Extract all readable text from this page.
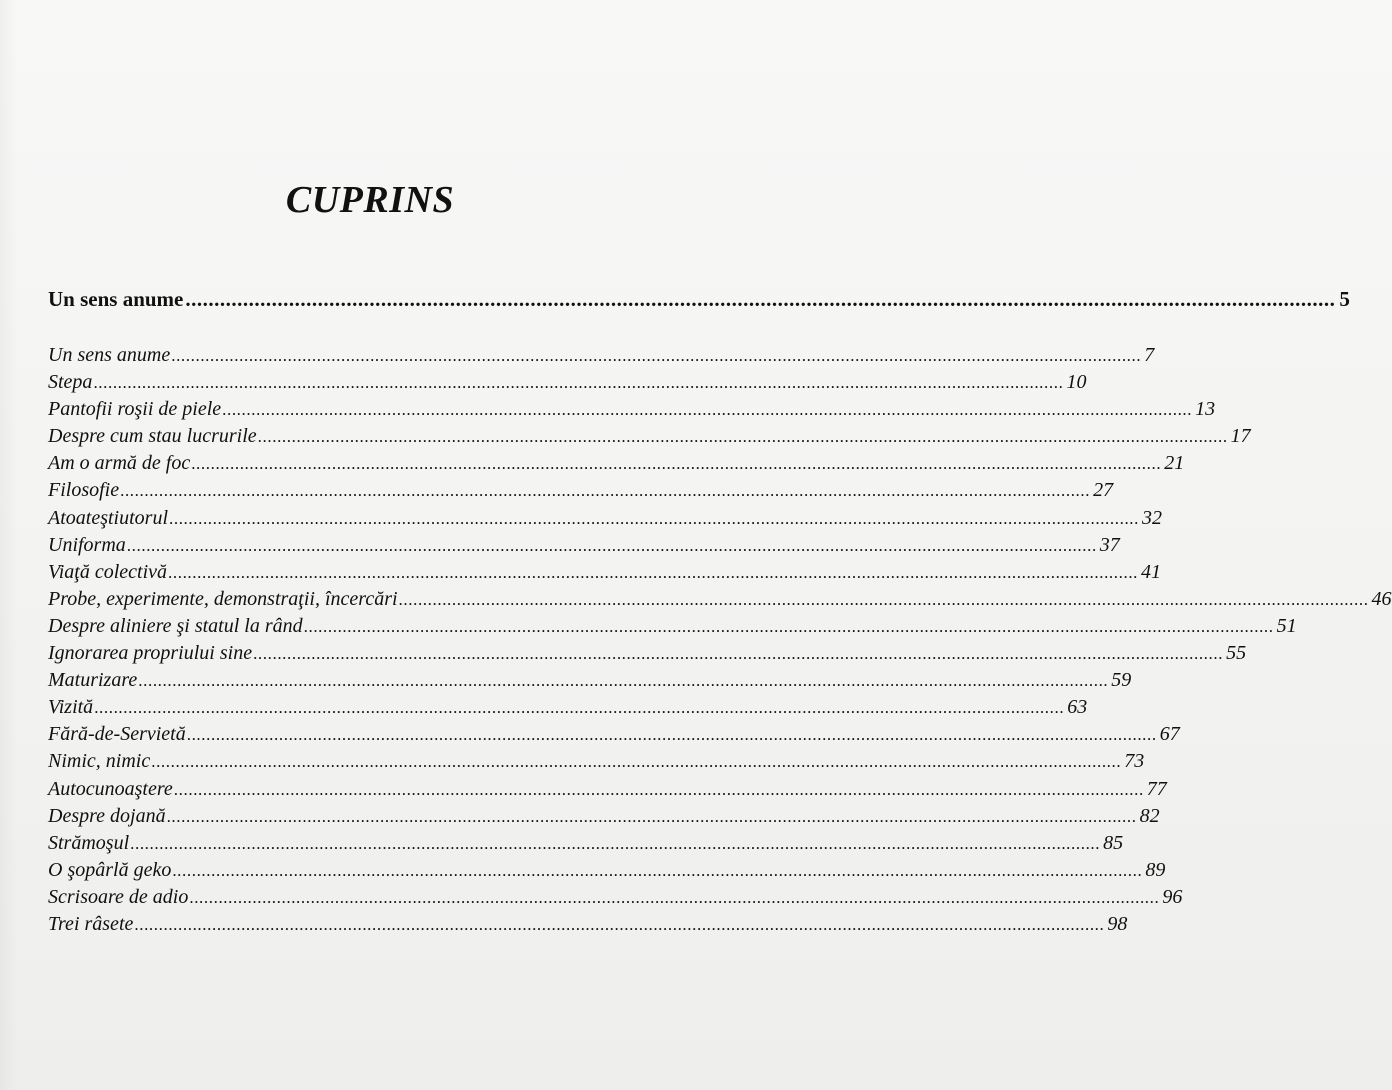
CUPRINS
Un sens anume ........................................................................................................................................................................................................ 5
Un sens anume ........................................................................................................................................................................................................ 7
Stepa ........................................................................................................................................................................................................ 10
Pantofii roşii de piele ........................................................................................................................................................................................................ 13
Despre cum stau lucrurile ........................................................................................................................................................................................................ 17
Am o armă de foc ........................................................................................................................................................................................................ 21
Filosofie ........................................................................................................................................................................................................ 27
Atoateştiutorul ........................................................................................................................................................................................................ 32
Uniforma ........................................................................................................................................................................................................ 37
Viaţă colectivă ........................................................................................................................................................................................................ 41
Probe, experimente, demonstraţii, încercări ........................................................................................................................................................................................................ 46
Despre aliniere şi statul la rând ........................................................................................................................................................................................................ 51
Ignorarea propriului sine ........................................................................................................................................................................................................ 55
Maturizare ........................................................................................................................................................................................................ 59
Vizită ........................................................................................................................................................................................................ 63
Fără-de-Servietă ........................................................................................................................................................................................................ 67
Nimic, nimic ........................................................................................................................................................................................................ 73
Autocunoaştere ........................................................................................................................................................................................................ 77
Despre dojană ........................................................................................................................................................................................................ 82
Strămoşul ........................................................................................................................................................................................................ 85
O şopârlă geko ........................................................................................................................................................................................................ 89
Scrisoare de adio ........................................................................................................................................................................................................ 96
Trei râsete ........................................................................................................................................................................................................ 98
